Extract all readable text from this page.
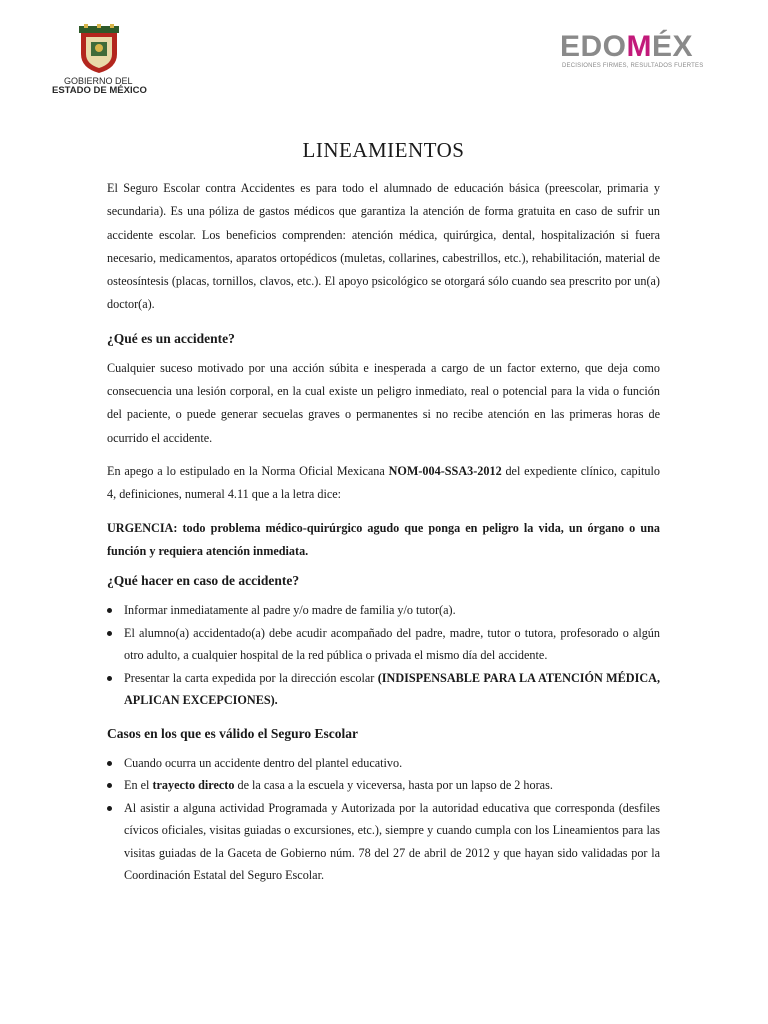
GOBIERNO DEL
ESTADO DE MÉXICO
EDOMÉX
DECISIONES FIRMES, RESULTADOS FUERTES
LINEAMIENTOS

El Seguro Escolar contra Accidentes es para todo el alumnado de educación básica (preescolar, primaria y secundaria). Es una póliza de gastos médicos que garantiza la atención de forma gratuita en caso de sufrir un accidente escolar. Los beneficios comprenden: atención médica, quirúrgica, dental, hospitalización si fuera necesario, medicamentos, aparatos ortopédicos (muletas, collarines, cabestrillos, etc.), rehabilitación, material de osteosíntesis (placas, tornillos, clavos, etc.). El apoyo psicológico se otorgará sólo cuando sea prescrito por un(a) doctor(a).

¿Qué es un accidente?

Cualquier suceso motivado por una acción súbita e inesperada a cargo de un factor externo, que deja como consecuencia una lesión corporal, en la cual existe un peligro inmediato, real o potencial para la vida o función del paciente, o puede generar secuelas graves o permanentes si no recibe atención en las primeras horas de ocurrido el accidente.

En apego a lo estipulado en la Norma Oficial Mexicana NOM-004-SSA3-2012 del expediente clínico, capitulo 4, definiciones, numeral 4.11 que a la letra dice:

URGENCIA: todo problema médico-quirúrgico agudo que ponga en peligro la vida, un órgano o una función y requiera atención inmediata.

¿Qué hacer en caso de accidente?
Informar inmediatamente al padre y/o madre de familia y/o tutor(a).
El alumno(a) accidentado(a) debe acudir acompañado del padre, madre, tutor o tutora, profesorado o algún otro adulto, a cualquier hospital de la red pública o privada el mismo día del accidente.
Presentar la carta expedida por la dirección escolar (INDISPENSABLE PARA LA ATENCIÓN MÉDICA, APLICAN EXCEPCIONES).
Casos en los que es válido el Seguro Escolar
Cuando ocurra un accidente dentro del plantel educativo.
En el trayecto directo de la casa a la escuela y viceversa, hasta por un lapso de 2 horas.
Al asistir a alguna actividad Programada y Autorizada por la autoridad educativa que corresponda (desfiles cívicos oficiales, visitas guiadas o excursiones, etc.), siempre y cuando cumpla con los Lineamientos para las visitas guiadas de la Gaceta de Gobierno núm. 78 del 27 de abril de 2012 y que hayan sido validadas por la Coordinación Estatal del Seguro Escolar.
